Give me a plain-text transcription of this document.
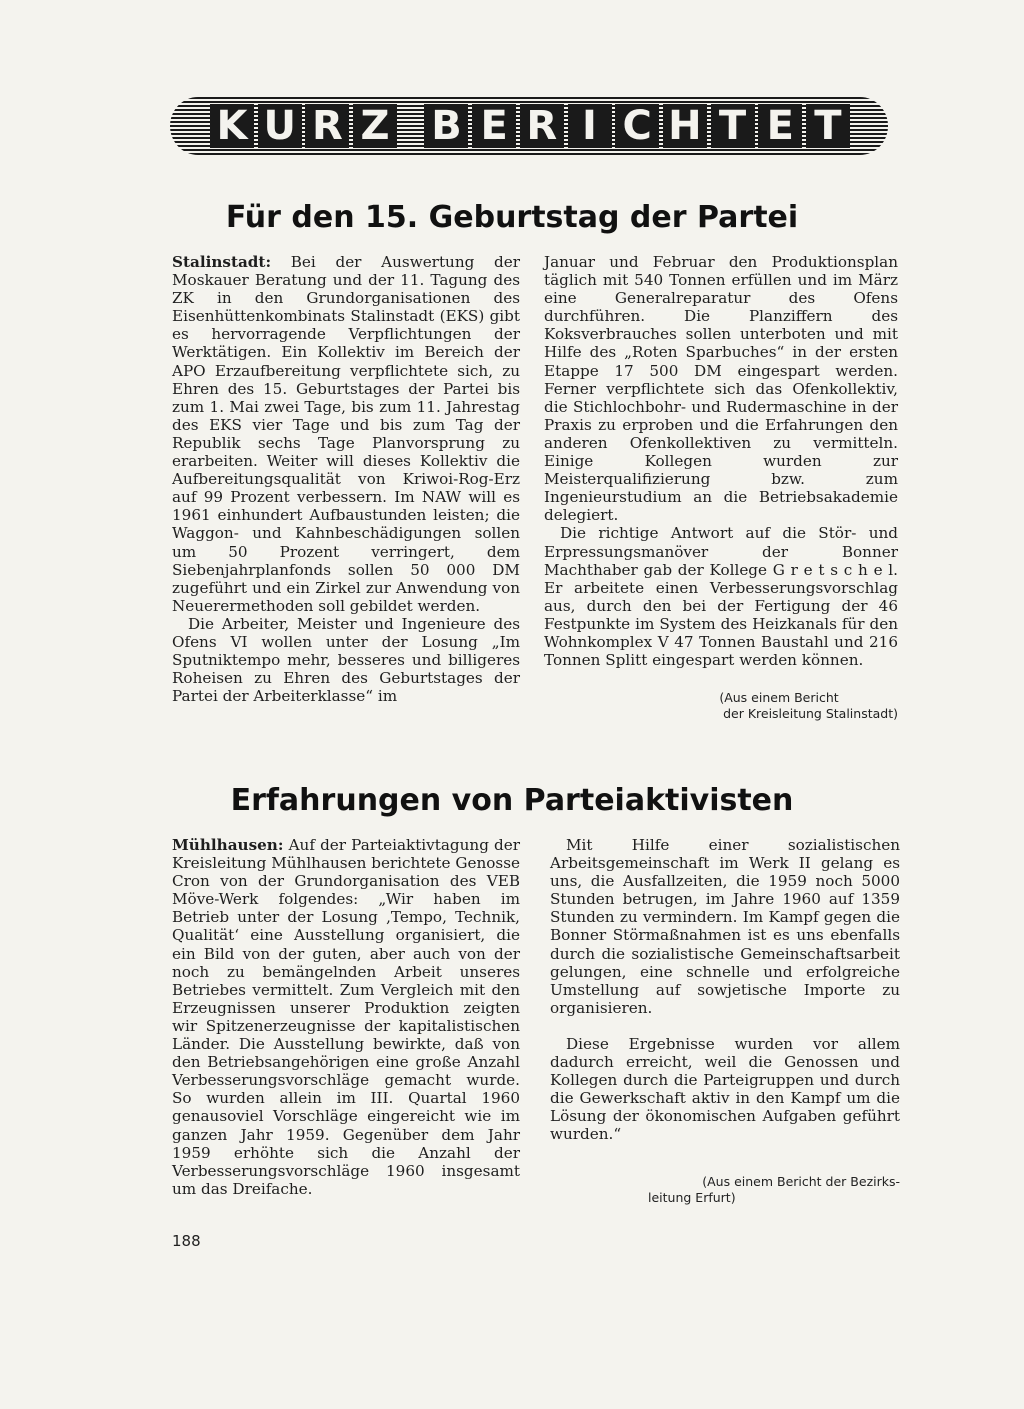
K U R Z B E R I C H T E T
Für den 15. Geburtstag der Partei

Stalinstadt: Bei der Auswertung der Moskauer Beratung und der 11. Tagung des ZK in den Grundorganisationen des Eisenhüttenkombinats Stalinstadt (EKS) gibt es hervorragende Verpflichtungen der Werktätigen. Ein Kollektiv im Bereich der APO Erzaufbereitung verpflichtete sich, zu Ehren des 15. Geburtstages der Partei bis zum 1. Mai zwei Tage, bis zum 11. Jahrestag des EKS vier Tage und bis zum Tag der Republik sechs Tage Planvorsprung zu erarbeiten. Weiter will dieses Kollektiv die Aufbereitungsqualität von Kriwoi-Rog-Erz auf 99 Prozent verbessern. Im NAW will es 1961 einhundert Aufbaustunden leisten; die Waggon- und Kahnbeschädigungen sollen um 50 Prozent verringert, dem Siebenjahrplanfonds sollen 50 000 DM zugeführt und ein Zirkel zur Anwendung von Neuerermethoden soll gebildet werden.

Die Arbeiter, Meister und Ingenieure des Ofens VI wollen unter der Losung „Im Sputniktempo mehr, besseres und billigeres Roheisen zu Ehren des Geburtstages der Partei der Arbeiterklasse“ im

Januar und Februar den Produktionsplan täglich mit 540 Tonnen erfüllen und im März eine Generalreparatur des Ofens durchführen. Die Planziffern des Koksverbrauches sollen unterboten und mit Hilfe des „Roten Sparbuches“ in der ersten Etappe 17 500 DM eingespart werden. Ferner verpflichtete sich das Ofenkollektiv, die Stichlochbohr- und Rudermaschine in der Praxis zu erproben und die Erfahrungen den anderen Ofenkollektiven zu vermitteln. Einige Kollegen wurden zur Meisterqualifizierung bzw. zum Ingenieurstudium an die Betriebsakademie delegiert.

Die richtige Antwort auf die Stör- und Erpressungsmanöver der Bonner Machthaber gab der Kollege G r e t s c h e l. Er arbeitete einen Verbesserungsvorschlag aus, durch den bei der Fertigung der 46 Festpunkte im System des Heizkanals für den Wohnkomplex V 47 Tonnen Baustahl und 216 Tonnen Splitt eingespart werden können.

(Aus einem Bericht
der Kreisleitung Stalinstadt)
Erfahrungen von Parteiaktivisten

Mühlhausen: Auf der Parteiaktivtagung der Kreisleitung Mühlhausen berichtete Genosse Cron von der Grundorganisation des VEB Möve-Werk folgendes: „Wir haben im Betrieb unter der Losung ‚Tempo, Technik, Qualität‘ eine Ausstellung organisiert, die ein Bild von der guten, aber auch von der noch zu bemängelnden Arbeit unseres Betriebes vermittelt. Zum Vergleich mit den Erzeugnissen unserer Produktion zeigten wir Spitzenerzeugnisse der kapitalistischen Länder. Die Ausstellung bewirkte, daß von den Betriebsangehörigen eine große Anzahl Verbesserungsvorschläge gemacht wurde. So wurden allein im III. Quartal 1960 genausoviel Vorschläge eingereicht wie im ganzen Jahr 1959. Gegenüber dem Jahr 1959 erhöhte sich die Anzahl der Verbesserungsvorschläge 1960 insgesamt um das Dreifache.

Mit Hilfe einer sozialistischen Arbeitsgemeinschaft im Werk II gelang es uns, die Ausfallzeiten, die 1959 noch 5000 Stunden betrugen, im Jahre 1960 auf 1359 Stunden zu vermindern. Im Kampf gegen die Bonner Störmaßnahmen ist es uns ebenfalls durch die sozialistische Gemeinschaftsarbeit gelungen, eine schnelle und erfolgreiche Umstellung auf sowjetische Importe zu organisieren.

Diese Ergebnisse wurden vor allem dadurch erreicht, weil die Genossen und Kollegen durch die Parteigruppen und durch die Gewerkschaft aktiv in den Kampf um die Lösung der ökonomischen Aufgaben geführt wurden.“

(Aus einem Bericht der Bezirks-
leitung Erfurt)
188
